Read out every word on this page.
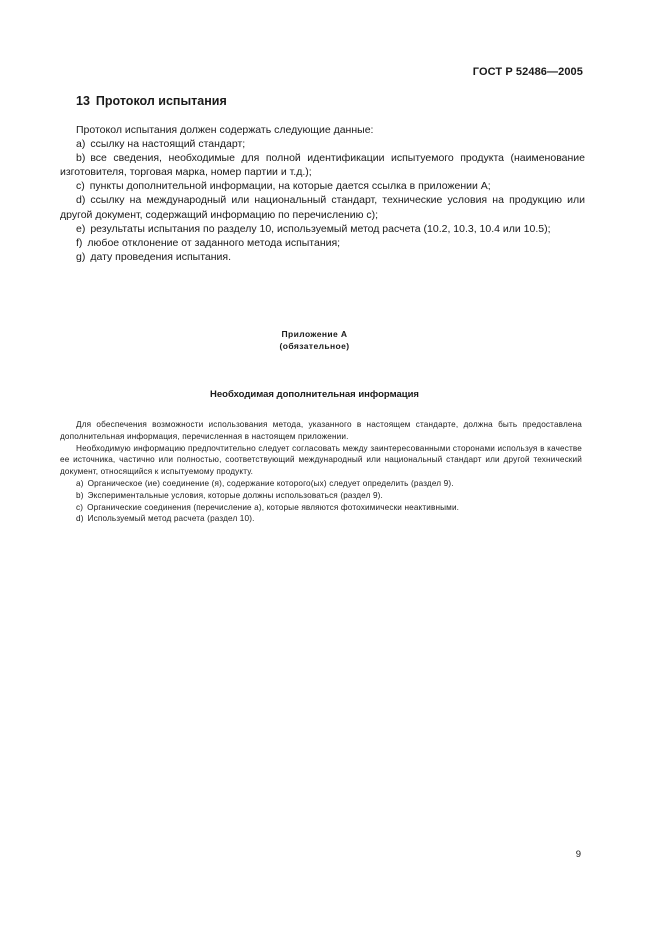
ГОСТ Р 52486—2005
13 Протокол испытания

Протокол испытания должен содержать следующие данные:

а) ссылку на настоящий стандарт;

b) все сведения, необходимые для полной идентификации испытуемого продукта (наименование изготовителя, торговая марка, номер партии и т.д.);

c) пункты дополнительной информации, на которые дается ссылка в приложении А;

d) ссылку на международный или национальный стандарт, технические условия на продукцию или другой документ, содержащий информацию по перечислению с);

е) результаты испытания по разделу 10, используемый метод расчета (10.2, 10.3, 10.4 или 10.5);

f) любое отклонение от заданного метода испытания;

g) дату проведения испытания.

Приложение А
(обязательное)
Необходимая дополнительная информация

Для обеспечения возможности использования метода, указанного в настоящем стандарте, должна быть предоставлена дополнительная информация, перечисленная в настоящем приложении.

Необходимую информацию предпочтительно следует согласовать между заинтересованными сторонами используя в качестве ее источника, частично или полностью, соответствующий международный или национальный стандарт или другой технический документ, относящийся к испытуемому продукту.

а) Органическое (ие) соединение (я), содержание которого(ых) следует определить (раздел 9).

b) Экспериментальные условия, которые должны использоваться (раздел 9).

c) Органические соединения (перечисление а), которые являются фотохимически неактивными.

d) Используемый метод расчета (раздел 10).

9
